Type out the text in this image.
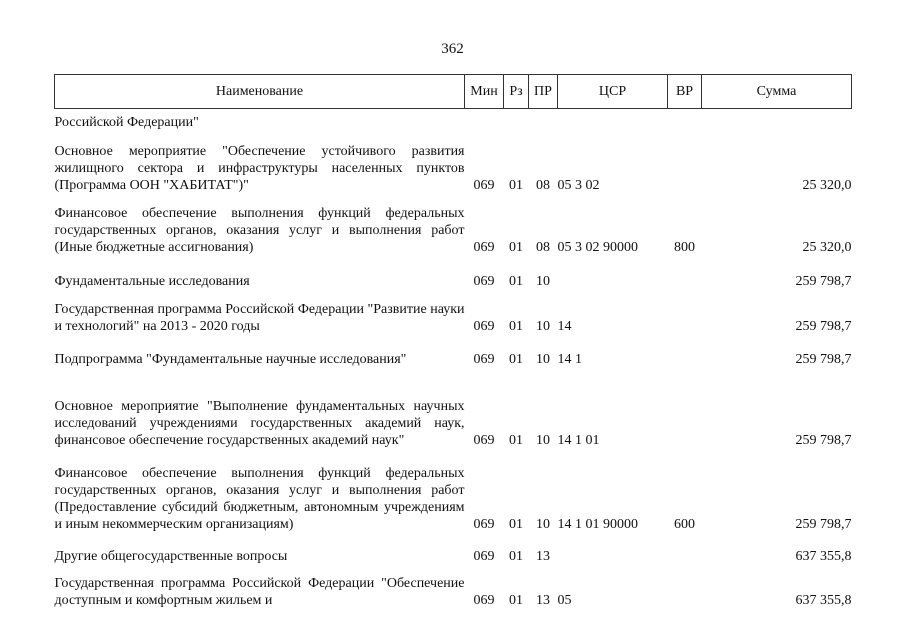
362
Наименование	Мин	Рз	ПР	ЦСР	ВР	Сумма
Российской Федерации"						
Основное мероприятие "Обеспечение устойчивого развития жилищного сектора и инфраструктуры населенных пунктов (Программа ООН "ХАБИТАТ")"	069	01	08	05 3 02		25 320,0
Финансовое обеспечение выполнения функций федеральных государственных органов, оказания услуг и выполнения работ (Иные бюджетные ассигнования)	069	01	08	05 3 02 90000	800	25 320,0
Фундаментальные исследования	069	01	10			259 798,7
Государственная программа Российской Федерации "Развитие науки и технологий" на 2013 - 2020 годы	069	01	10	14		259 798,7
Подпрограмма "Фундаментальные научные исследования"	069	01	10	14 1		259 798,7
Основное мероприятие "Выполнение фундаментальных научных исследований учреждениями государственных академий наук, финансовое обеспечение государственных академий наук"	069	01	10	14 1 01		259 798,7
Финансовое обеспечение выполнения функций федеральных государственных органов, оказания услуг и выполнения работ (Предоставление субсидий бюджетным, автономным учреждениям и иным некоммерческим организациям)	069	01	10	14 1 01 90000	600	259 798,7
Другие общегосударственные вопросы	069	01	13			637 355,8
Государственная программа Российской Федерации "Обеспечение доступным и комфортным жильем и	069	01	13	05		637 355,8
